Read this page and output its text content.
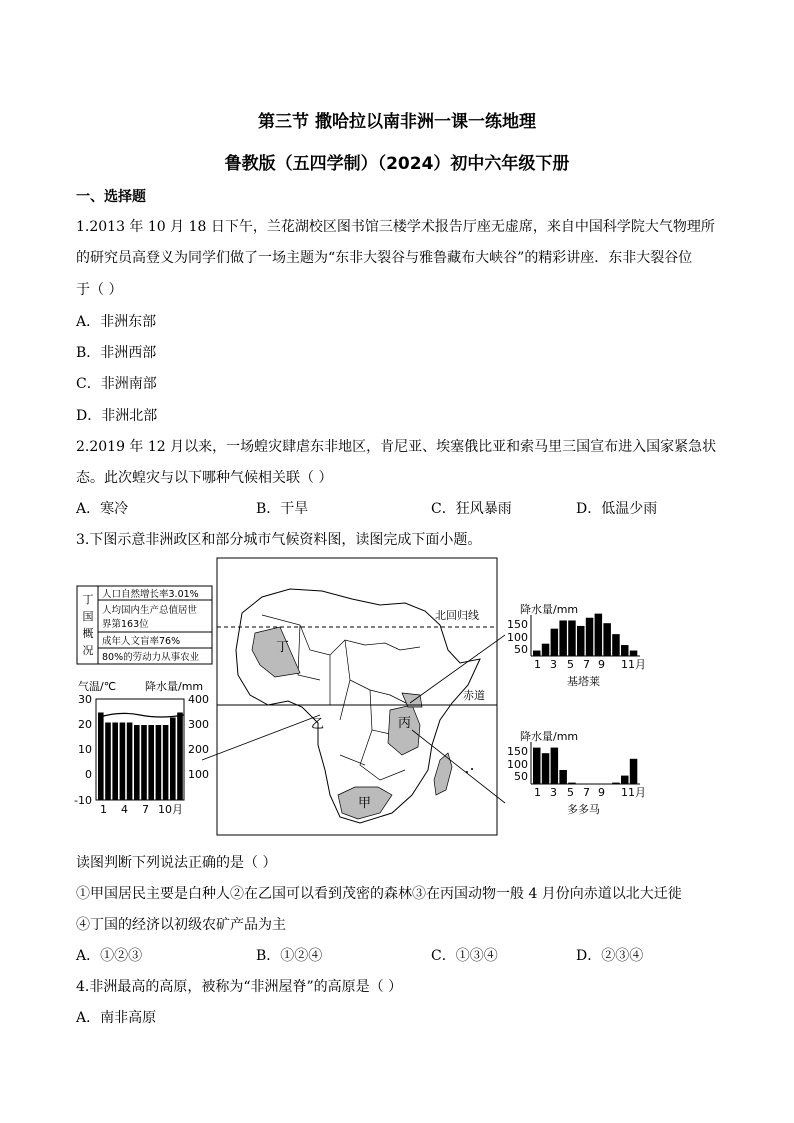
第三节 撒哈拉以南非洲一课一练地理
鲁教版（五四学制）（2024）初中六年级下册
一、选择题
1.2013 年 10 月 18 日下午，兰花湖校区图书馆三楼学术报告厅座无虚席，来自中国科学院大气物理所
的研究员高登义为同学们做了一场主题为“东非大裂谷与雅鲁藏布大峡谷”的精彩讲座．东非大裂谷位
于（ ）
A．非洲东部
B．非洲西部
C．非洲南部
D．非洲北部
2.2019 年 12 月以来，一场蝗灾肆虐东非地区，肯尼亚、埃塞俄比亚和索马里三国宣布进入国家紧急状
态。此次蝗灾与以下哪种气候相关联（ ）
A．寒冷	B．干旱	C．狂风暴雨	D．低温少雨
3.下图示意非洲政区和部分城市气候资料图，读图完成下面小题。
丁
国
概
况
人口自然增长率3.01%
人均国内生产总值居世
界第163位
成年人文盲率76%
80%的劳动力从事农业
气温/℃	降水量/mm
30
20
10
0
-10
400
300
200
100
1 4 7 10月
北回归线
赤道
丁
乙	丙
甲
降水量/mm
150
100
50
1 3 5 7 9 11月
基塔莱
降水量/mm
150
100
50
1 3 5 7 9 11月
多多马
读图判断下列说法正确的是（ ）
①甲国居民主要是白种人②在乙国可以看到茂密的森林③在丙国动物一般 4 月份向赤道以北大迁徙
④丁国的经济以初级农矿产品为主
A．①②③	B．①②④	C．①③④	D．②③④
4.非洲最高的高原，被称为“非洲屋脊”的高原是（ ）
A．南非高原
